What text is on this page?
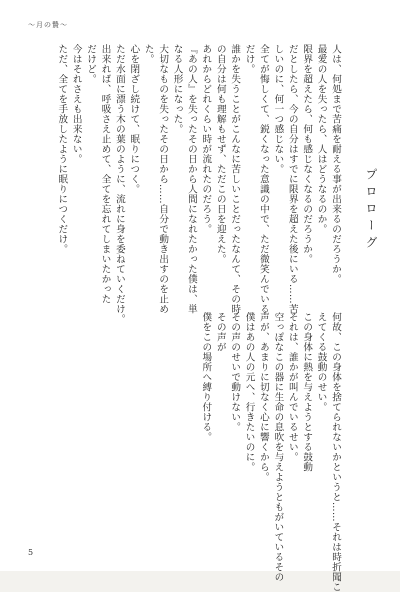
〜月の贄〜
プロローグ
人は、何処まで苦痛を耐える事が出来るのだろうか。
最愛の人を失ったら、人はどうなるのか。
限界を超えたら、何も感じなくなるのだろうか。
だとしたら、今の自分はすでに限界を超えた後にいる……苦
しいのに、何一つ感じない。
全てが悔しくて、鋭くなった意識の中で、ただ微笑んでいる
だけ。
誰かを失うことがこんなに苦しいことだったなんて、その時
の自分は何も理解もせず、ただこの日を迎えた。
あれからどれくらい時が流れたのだろう。
『あの人』を失ったその日から人間になれたかった僕は、単
なる人形になった。
大切なものを失ったその日から……自分で動き出すのを止め
た。
心を閉ざし続けて、眠りにつく。
ただ水面に漂う木の葉のように、流れに身を委ねていくだけ。
出来れば、呼吸さえ止めて、全てを忘れてしまいたかった
だけど。
今はそれさえも出来ない。
ただ、全てを手放したように眠りにつくだけ。
何故、この身体を捨てられないかというと……それは時折聞こ
えてくる鼓動のせい。
この身体に熱を与えようとする鼓動
それは、誰かが叫んでいるせい。
空っぽなこの器に生命の息吹を与えようともがいているその
声が、あまりに切なく心に響くから。
僕はあの人の元へ、行きたいのに。
その声のせいで動けない。
その声が
僕をこの場所へ縛り付ける。
5
